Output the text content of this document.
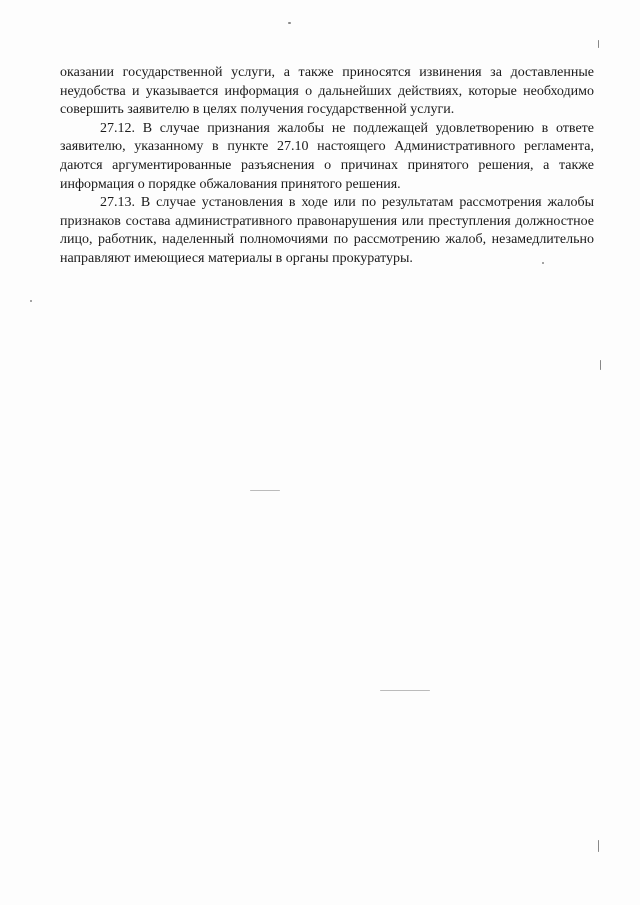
оказании государственной услуги, а также приносятся извинения за доставленные неудобства и указывается информация о дальнейших действиях, которые необходимо совершить заявителю в целях получения государственной услуги.

27.12. В случае признания жалобы не подлежащей удовлетворению в ответе заявителю, указанному в пункте 27.10 настоящего Административного регламента, даются аргументированные разъяснения о причинах принятого решения, а также информация о порядке обжалования принятого решения.

27.13. В случае установления в ходе или по результатам рассмотрения жалобы признаков состава административного правонарушения или преступления должностное лицо, работник, наделенный полномочиями по рассмотрению жалоб, незамедлительно направляют имеющиеся материалы в органы прокуратуры.
